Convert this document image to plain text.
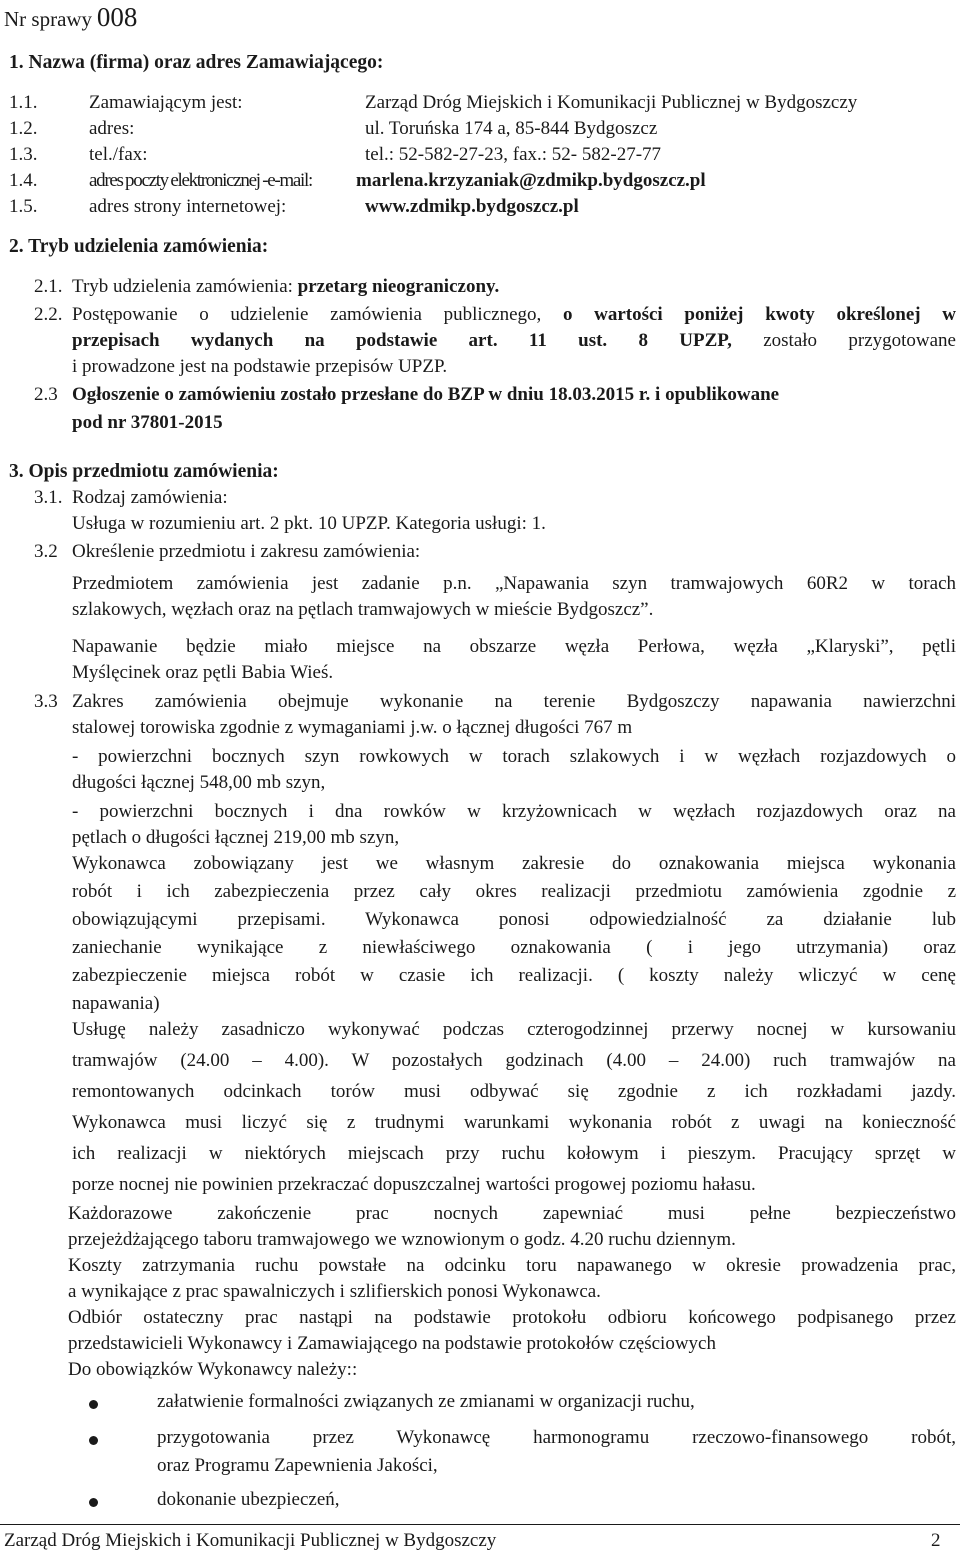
Nr sprawy 008
1. Nazwa (firma) oraz adres Zamawiającego:
1.1.	Zamawiającym jest:	Zarząd Dróg Miejskich i Komunikacji Publicznej w Bydgoszczy
1.2.	adres:	ul. Toruńska 174 a, 85-844 Bydgoszcz
1.3.	tel./fax:	tel.: 52-582-27-23, fax.: 52- 582-27-77
1.4.	adres poczty elektronicznej -e-mail: marlena.krzyzaniak@zdmikp.bydgoszcz.pl
1.5.	adres strony internetowej:	www.zdmikp.bydgoszcz.pl
2. Tryb udzielenia zamówienia:
2.1. Tryb udzielenia zamówienia: przetarg nieograniczony.
2.2. Postępowanie o udzielenie zamówienia publicznego, o wartości poniżej kwoty określonej w
przepisach wydanych na podstawie art. 11 ust. 8 UPZP, zostało przygotowane
i prowadzone jest na podstawie przepisów UPZP.
2.3 Ogłoszenie o zamówieniu zostało przesłane do BZP w dniu 18.03.2015 r. i opublikowane
pod nr 37801-2015
3. Opis przedmiotu zamówienia:
3.1. Rodzaj zamówienia:
Usługa w rozumieniu art. 2 pkt. 10 UPZP. Kategoria usługi: 1.
3.2 Określenie przedmiotu i zakresu zamówienia:
Przedmiotem zamówienia jest zadanie p.n. „Napawania szyn tramwajowych 60R2 w torach
szlakowych, węzłach oraz na pętlach tramwajowych w mieście Bydgoszcz”.
Napawanie będzie miało miejsce na obszarze węzła Perłowa, węzła „Klaryski”, pętli
Myślęcinek oraz pętli Babia Wieś.
3.3 Zakres zamówienia obejmuje wykonanie na terenie Bydgoszczy napawania nawierzchni
stalowej torowiska zgodnie z wymaganiami j.w. o łącznej długości 767 m
- powierzchni bocznych szyn rowkowych w torach szlakowych i w węzłach rozjazdowych o
długości łącznej 548,00 mb szyn,
- powierzchni bocznych i dna rowków w krzyżownicach w węzłach rozjazdowych oraz na
pętlach o długości łącznej 219,00 mb szyn,
Wykonawca zobowiązany jest we własnym zakresie do oznakowania miejsca wykonania
robót i ich zabezpieczenia przez cały okres realizacji przedmiotu zamówienia zgodnie z
obowiązującymi przepisami. Wykonawca ponosi odpowiedzialność za działanie lub
zaniechanie wynikające z niewłaściwego oznakowania ( i jego utrzymania) oraz
zabezpieczenie miejsca robót w czasie ich realizacji. ( koszty należy wliczyć w cenę
napawania)
Usługę należy zasadniczo wykonywać podczas czterogodzinnej przerwy nocnej w kursowaniu
tramwajów (24.00 – 4.00). W pozostałych godzinach (4.00 – 24.00) ruch tramwajów na
remontowanych odcinkach torów musi odbywać się zgodnie z ich rozkładami jazdy.
Wykonawca musi liczyć się z trudnymi warunkami wykonania robót z uwagi na konieczność
ich realizacji w niektórych miejscach przy ruchu kołowym i pieszym. Pracujący sprzęt w
porze nocnej nie powinien przekraczać dopuszczalnej wartości progowej poziomu hałasu.
Każdorazowe zakończenie prac nocnych zapewniać musi pełne bezpieczeństwo
przejeżdżającego taboru tramwajowego we wznowionym o godz. 4.20 ruchu dziennym.
Koszty zatrzymania ruchu powstałe na odcinku toru napawanego w okresie prowadzenia prac,
a wynikające z prac spawalniczych i szlifierskich ponosi Wykonawca.
Odbiór ostateczny prac nastąpi na podstawie protokołu odbioru końcowego podpisanego przez
przedstawicieli Wykonawcy i Zamawiającego na podstawie protokołów częściowych
Do obowiązków Wykonawcy należy::
załatwienie formalności związanych ze zmianami w organizacji ruchu,
przygotowania przez Wykonawcę harmonogramu rzeczowo-finansowego robót,
oraz Programu Zapewnienia Jakości,
dokonanie ubezpieczeń,
Zarząd Dróg Miejskich i Komunikacji Publicznej w Bydgoszczy	2
